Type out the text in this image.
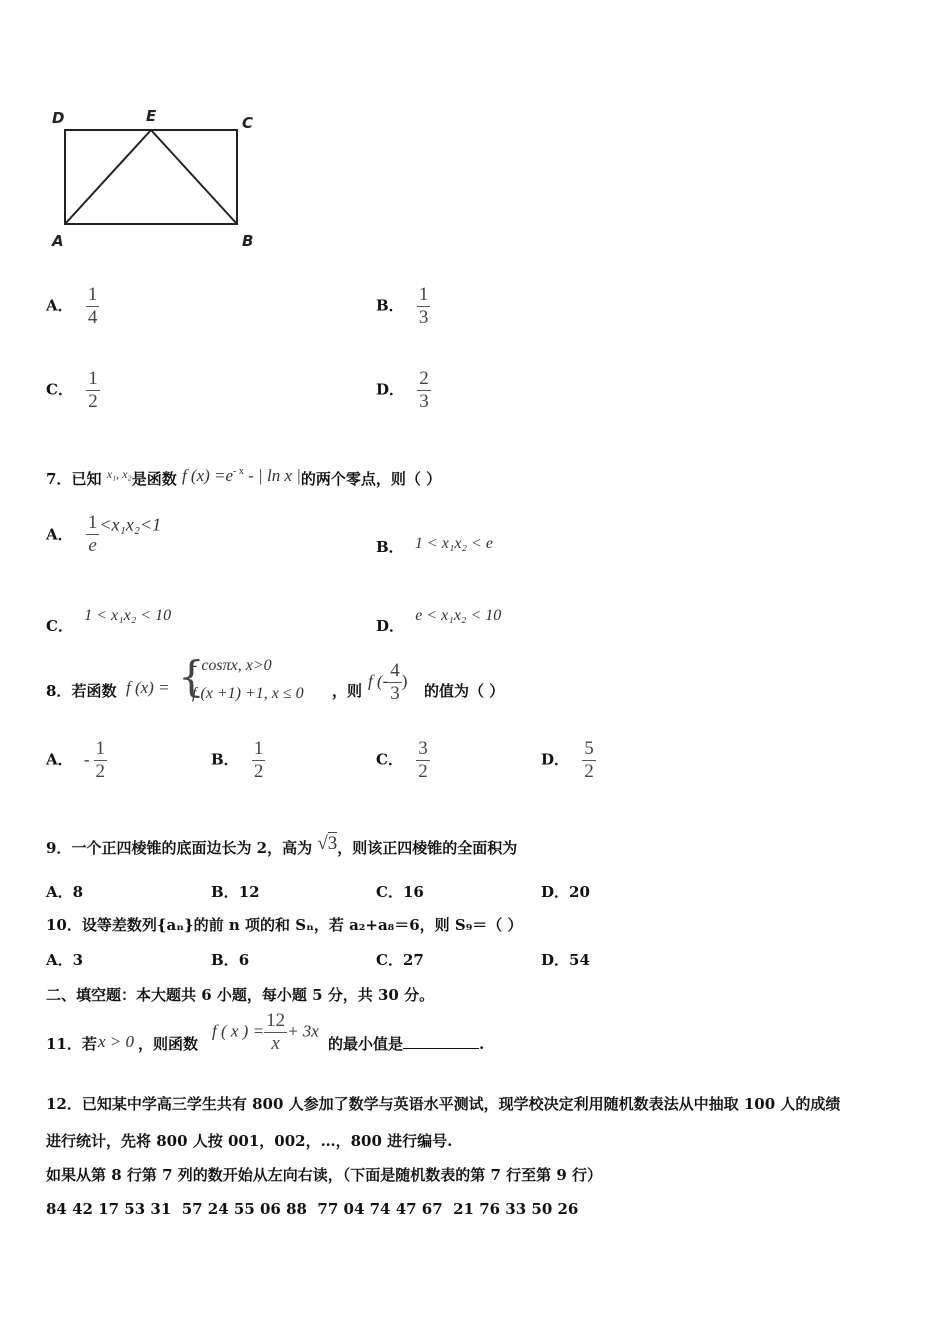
D	E	C
A	B
A． $\frac{1}{4}$	B． $\frac{1}{3}$
C． $\frac{1}{2}$	D． $\frac{2}{3}$
7．已知 $^{x_1, x_2}$是函数 f $(x) =e^{- x}$ - | ln x |的两个零点，则（ ）
A． $\frac{1}{e} <x_1x_2<1$
B． 1 < x₁x₂ < e
C． 1 < x₁x₂ < 10
D． e < x₁x₂ < 10
8．若函数 f (x) = {
- cosπx, x>0
f (x +1) +1, x ≤ 0 ，则
f (- $\frac{4}{3}$ )
的值为（ ）
A． - $\frac{1}{2}$	B． $\frac{1}{2}$	C． $\frac{3}{2}$	D． $\frac{5}{2}$
9．一个正四棱锥的底面边长为 2，高为 √3，则该正四棱锥的全面积为
A．8	B．12	C．16	D．20
10．设等差数列{aₙ}的前 n 项的和 Sₙ，若 a₂+a₈＝6，则 S₉＝（ ）
A．3	B．6	C．27	D．54
二、填空题：本大题共 6 小题，每小题 5 分，共 30 分。
11．若 x > 0 ，则函数
f ( x ) = $\frac{12}{x} + 3x$
的最小值是	.
12．已知某中学高三学生共有 800 人参加了数学与英语水平测试，现学校决定利用随机数表法从中抽取 100 人的成绩
进行统计，先将 800 人按 001，002，…，800 进行编号.
如果从第 8 行第 7 列的数开始从左向右读，（下面是随机数表的第 7 行至第 9 行）
84 42 17 53 31  57 24 55 06 88  77 04 74 47 67  21 76 33 50 26
